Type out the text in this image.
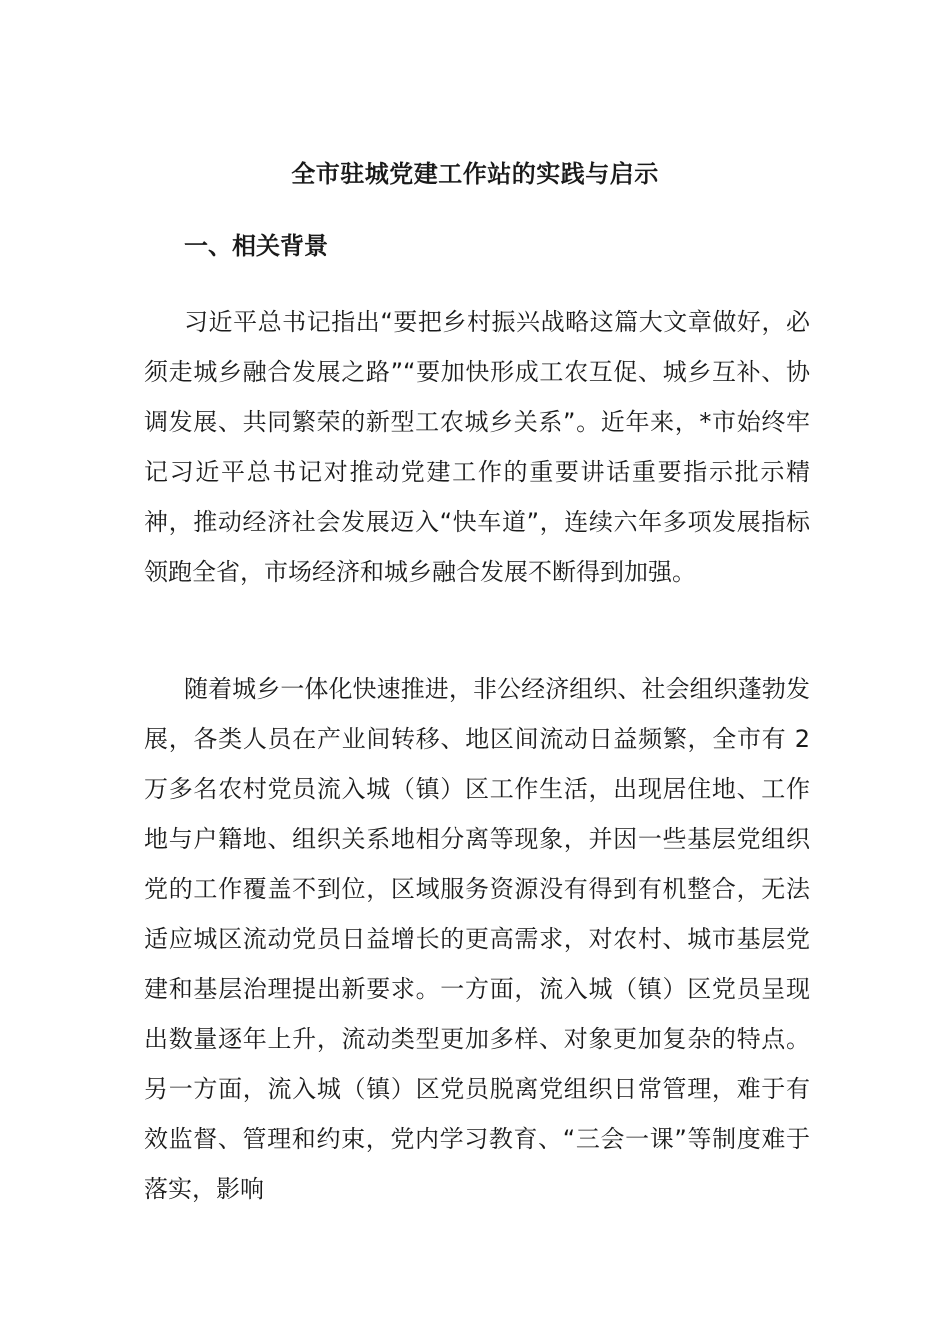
全市驻城党建工作站的实践与启示
一、相关背景

习近平总书记指出“要把乡村振兴战略这篇大文章做好，必须走城乡融合发展之路”“要加快形成工农互促、城乡互补、协调发展、共同繁荣的新型工农城乡关系”。近年来，*市始终牢记习近平总书记对推动党建工作的重要讲话重要指示批示精神，推动经济社会发展迈入“快车道”，连续六年多项发展指标领跑全省，市场经济和城乡融合发展不断得到加强。

随着城乡一体化快速推进，非公经济组织、社会组织蓬勃发展，各类人员在产业间转移、地区间流动日益频繁，全市有 2 万多名农村党员流入城（镇）区工作生活，出现居住地、工作地与户籍地、组织关系地相分离等现象，并因一些基层党组织党的工作覆盖不到位，区域服务资源没有得到有机整合，无法适应城区流动党员日益增长的更高需求，对农村、城市基层党建和基层治理提出新要求。一方面，流入城（镇）区党员呈现出数量逐年上升，流动类型更加多样、对象更加复杂的特点。另一方面，流入城（镇）区党员脱离党组织日常管理，难于有效监督、管理和约束，党内学习教育、“三会一课”等制度难于落实，影响
